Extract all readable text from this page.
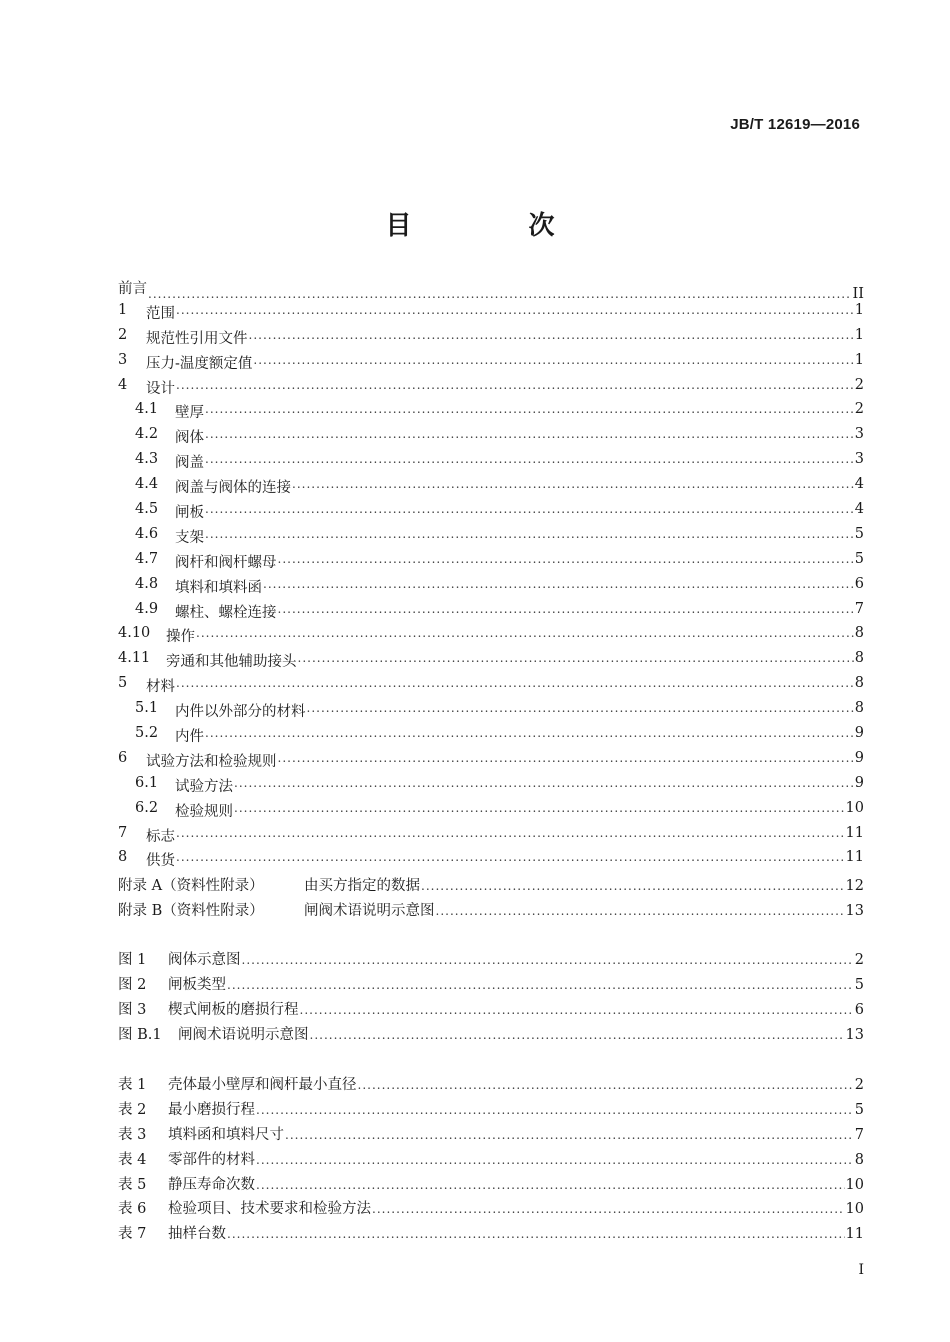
JB/T 12619—2016
目 次
前言 .....	II
1	范围 .....	1
2	规范性引用文件 .....	1
3	压力-温度额定值 .....	1
4	设计 .....	2
4.1	壁厚 .....	2
4.2	阀体 .....	3
4.3	阀盖 .....	3
4.4	阀盖与阀体的连接 .....	4
4.5	闸板 .....	4
4.6	支架 .....	5
4.7	阀杆和阀杆螺母 .....	5
4.8	填料和填料函 .....	6
4.9	螺柱、螺栓连接 .....	7
4.10	操作 .....	8
4.11	旁通和其他辅助接头 .....	8
5	材料 .....	8
5.1	内件以外部分的材料 .....	8
5.2	内件 .....	9
6	试验方法和检验规则 .....	9
6.1	试验方法 .....	9
6.2	检验规则 .....	10
7	标志 .....	11
8	供货 .....	11
附录 A（资料性附录）	由买方指定的数据 .....	12
附录 B（资料性附录）	闸阀术语说明示意图 .....	13
图 1	阀体示意图 .....	2
图 2	闸板类型 .....	5
图 3	楔式闸板的磨损行程 .....	6
图 B.1	闸阀术语说明示意图 .....	13
表 1	壳体最小壁厚和阀杆最小直径 .....	2
表 2	最小磨损行程 .....	5
表 3	填料函和填料尺寸 .....	7
表 4	零部件的材料 .....	8
表 5	静压寿命次数 .....	10
表 6	检验项目、技术要求和检验方法 .....	10
表 7	抽样台数 .....	11
I
